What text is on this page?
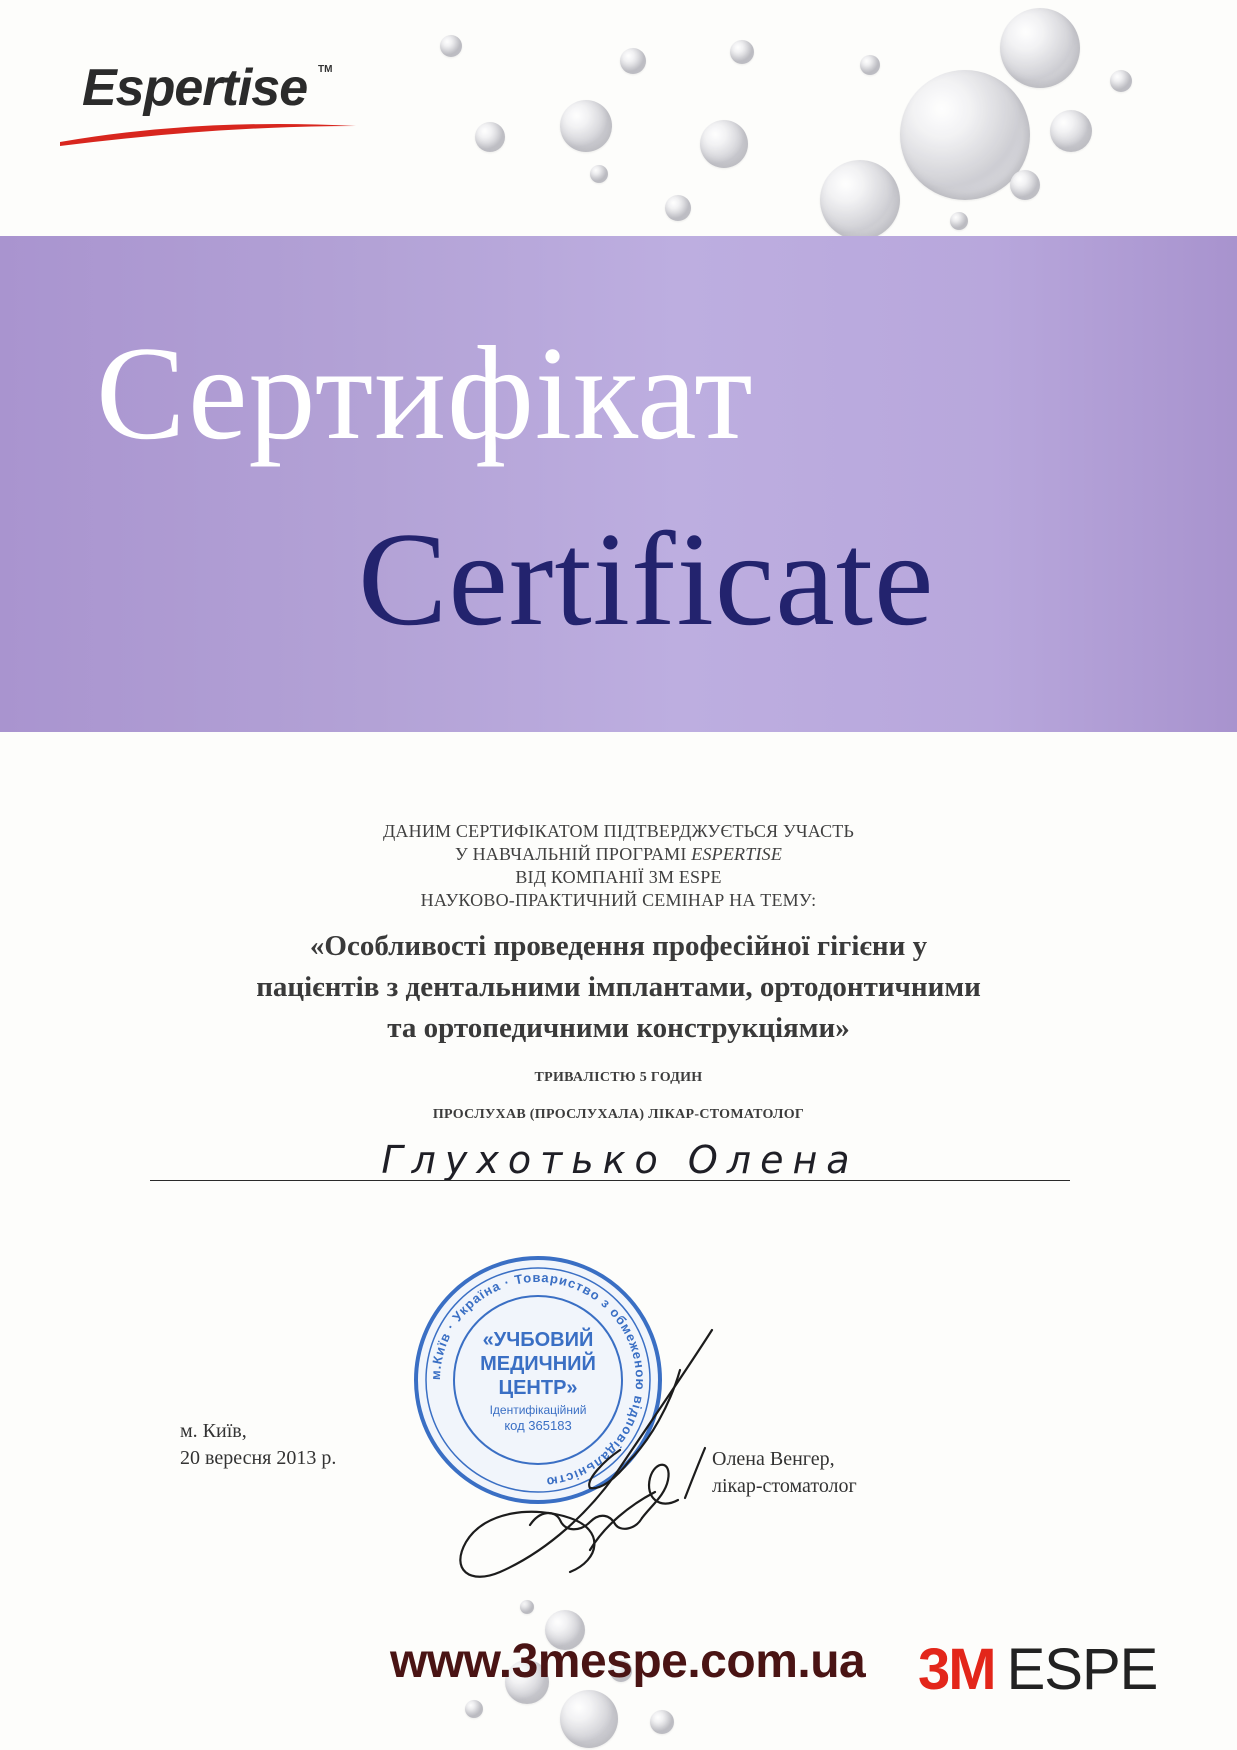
Espertise TM
Сертифікат
Certificate
ДАНИМ СЕРТИФІКАТОМ ПІДТВЕРДЖУЄТЬСЯ УЧАСТЬ
У НАВЧАЛЬНІЙ ПРОГРАМІ ESPERTISE
ВІД КОМПАНІЇ 3M ESPE
НАУКОВО-ПРАКТИЧНИЙ СЕМІНАР НА ТЕМУ:
«Особливості проведення професійної гігієни у
пацієнтів з дентальними імплантами, ортодонтичними
та ортопедичними конструкціями»
ТРИВАЛІСТЮ 5 ГОДИН
ПРОСЛУХАВ (ПРОСЛУХАЛА) ЛІКАР-СТОМАТОЛОГ
Глухотько Олена
м. Київ,
20 вересня 2013 р.
м.Київ · Україна · Товариство з обмеженою відповідальністю
«УЧБОВИЙ
МЕДИЧНИЙ
ЦЕНТР»
Ідентифікаційний
код 365183
Олена Венгер,
лікар-стоматолог
www.3mespe.com.ua 3M ESPE
